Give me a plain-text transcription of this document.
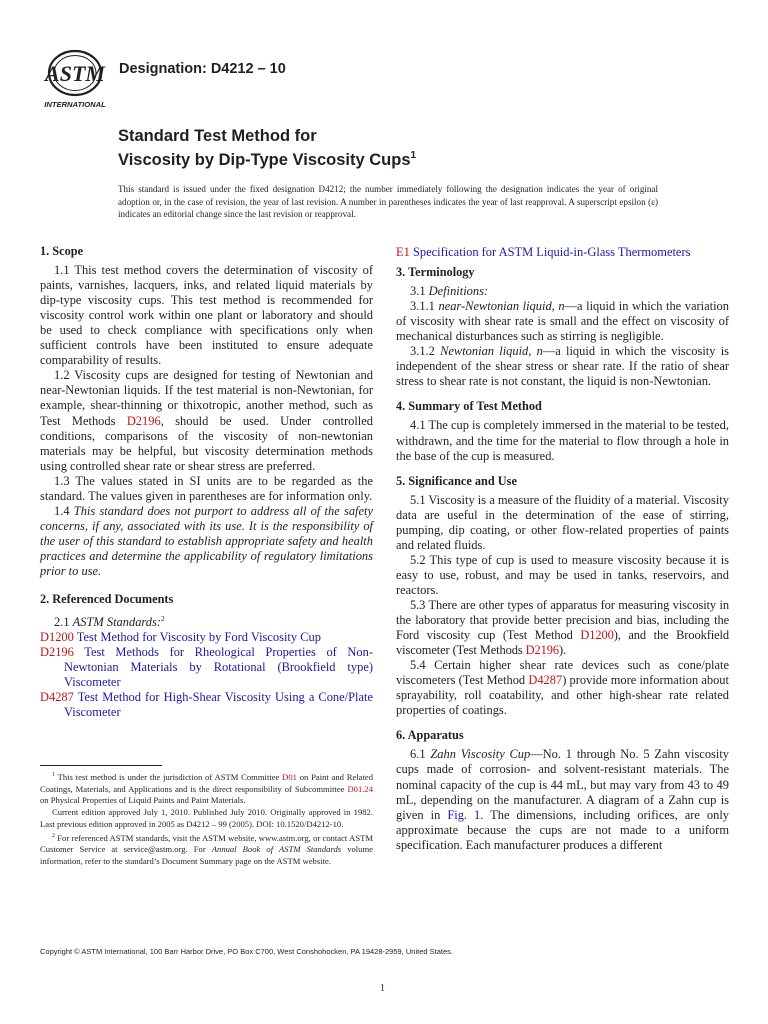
ASTM
INTERNATIONAL
Designation: D4212 – 10
Standard Test Method for
Viscosity by Dip-Type Viscosity Cups$^1$

This standard is issued under the fixed designation D4212; the number immediately following the designation indicates the year of original adoption or, in the case of revision, the year of last revision. A number in parentheses indicates the year of last reapproval. A superscript epsilon (ε) indicates an editorial change since the last revision or reapproval.

1. Scope

1.1 This test method covers the determination of viscosity of paints, varnishes, lacquers, inks, and related liquid materials by dip-type viscosity cups. This test method is recommended for viscosity control work within one plant or laboratory and should be used to check compliance with specifications only when sufficient controls have been instituted to ensure adequate comparability of results.

1.2 Viscosity cups are designed for testing of Newtonian and near-Newtonian liquids. If the test material is non-Newtonian, for example, shear-thinning or thixotropic, another method, such as Test Methods D2196, should be used. Under controlled conditions, comparisons of the viscosity of non-newtonian materials may be helpful, but viscosity determination methods using controlled shear rate or shear stress are preferred.

1.3 The values stated in SI units are to be regarded as the standard. The values given in parentheses are for information only.

1.4 This standard does not purport to address all of the safety concerns, if any, associated with its use. It is the responsibility of the user of this standard to establish appropriate safety and health practices and determine the applicability of regulatory limitations prior to use.

2. Referenced Documents

2.1 ASTM Standards:$^2$

D1200 Test Method for Viscosity by Ford Viscosity Cup

D2196 Test Methods for Rheological Properties of Non-Newtonian Materials by Rotational (Brookfield type) Viscometer

D4287 Test Method for High-Shear Viscosity Using a Cone/Plate Viscometer

$^1$ This test method is under the jurisdiction of ASTM Committee D01 on Paint and Related Coatings, Materials, and Applications and is the direct responsibility of Subcommittee D01.24 on Physical Properties of Liquid Paints and Paint Materials.

Current edition approved July 1, 2010. Published July 2010. Originally approved in 1982. Last previous edition approved in 2005 as D4212 – 99 (2005). DOI: 10.1520/D4212-10.

$^2$ For referenced ASTM standards, visit the ASTM website, www.astm.org, or contact ASTM Customer Service at service@astm.org. For Annual Book of ASTM Standards volume information, refer to the standard’s Document Summary page on the ASTM website.

E1 Specification for ASTM Liquid-in-Glass Thermometers

3. Terminology

3.1 Definitions:

3.1.1 near-Newtonian liquid, n—a liquid in which the variation of viscosity with shear rate is small and the effect on viscosity of mechanical disturbances such as stirring is negligible.

3.1.2 Newtonian liquid, n—a liquid in which the viscosity is independent of the shear stress or shear rate. If the ratio of shear stress to shear rate is not constant, the liquid is non-Newtonian.

4. Summary of Test Method

4.1 The cup is completely immersed in the material to be tested, withdrawn, and the time for the material to flow through a hole in the base of the cup is measured.

5. Significance and Use

5.1 Viscosity is a measure of the fluidity of a material. Viscosity data are useful in the determination of the ease of stirring, pumping, dip coating, or other flow-related properties of paints and related fluids.

5.2 This type of cup is used to measure viscosity because it is easy to use, robust, and may be used in tanks, reservoirs, and reactors.

5.3 There are other types of apparatus for measuring viscosity in the laboratory that provide better precision and bias, including the Ford viscosity cup (Test Method D1200), and the Brookfield viscometer (Test Methods D2196).

5.4 Certain higher shear rate devices such as cone/plate viscometers (Test Method D4287) provide more information about sprayability, roll coatability, and other high-shear rate related properties of coatings.

6. Apparatus

6.1 Zahn Viscosity Cup—No. 1 through No. 5 Zahn viscosity cups made of corrosion- and solvent-resistant materials. The nominal capacity of the cup is 44 mL, but may vary from 43 to 49 mL, depending on the manufacturer. A diagram of a Zahn cup is given in Fig. 1. The dimensions, including orifices, are only approximate because the cups are not made to a uniform specification. Each manufacturer produces a different

Copyright © ASTM International, 100 Barr Harbor Drive, PO Box C700, West Conshohocken, PA 19428-2959, United States.
1
